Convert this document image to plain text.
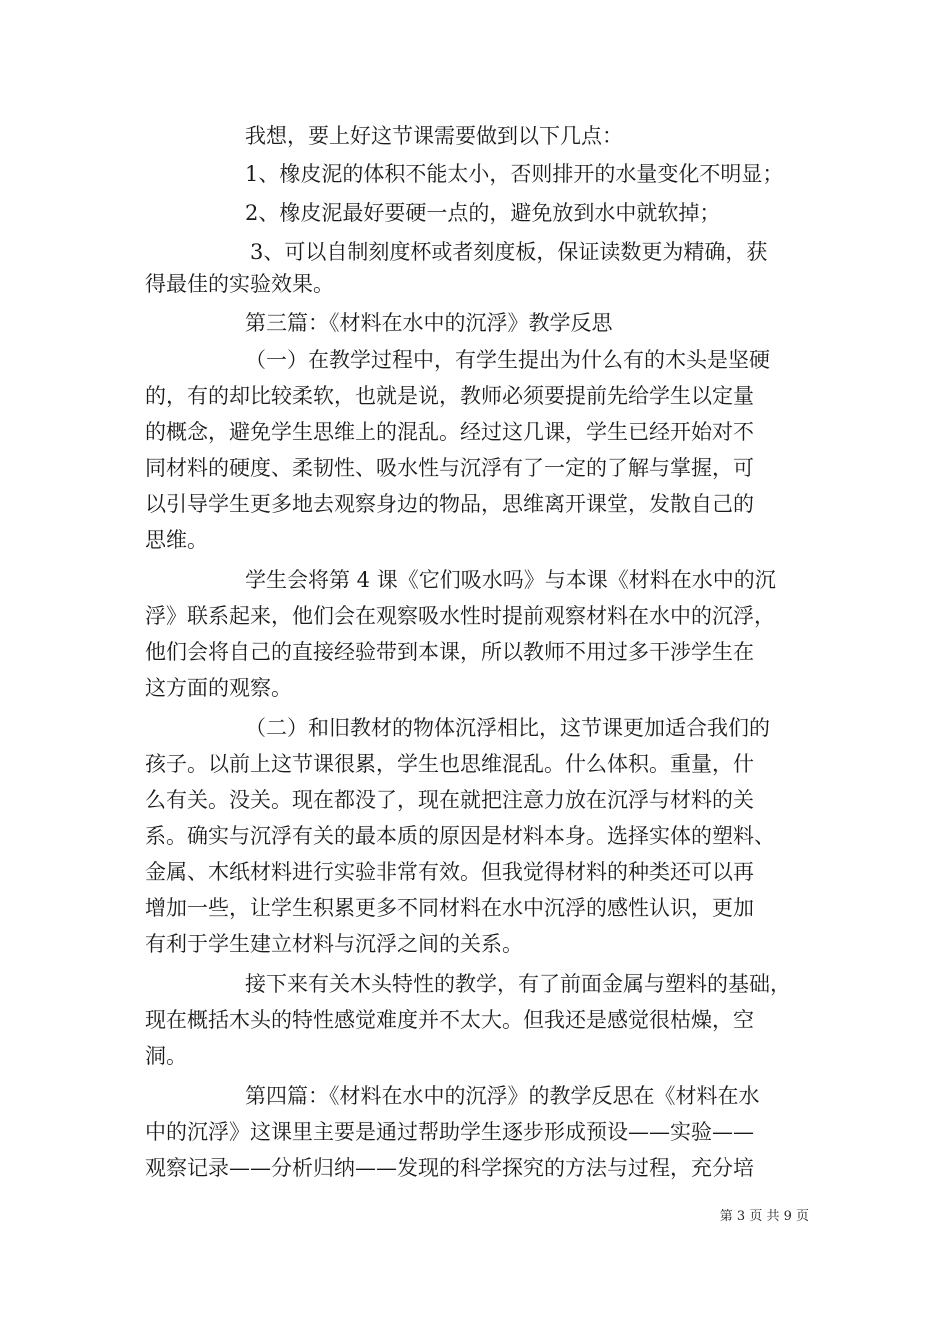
我想，要上好这节课需要做到以下几点：
1、橡皮泥的体积不能太小，否则排开的水量变化不明显；
2、橡皮泥最好要硬一点的，避免放到水中就软掉；
3、可以自制刻度杯或者刻度板，保证读数更为精确，获
得最佳的实验效果。
第三篇：《材料在水中的沉浮》教学反思
（一）在教学过程中，有学生提出为什么有的木头是坚硬
的，有的却比较柔软，也就是说，教师必须要提前先给学生以定量
的概念，避免学生思维上的混乱。经过这几课，学生已经开始对不
同材料的硬度、柔韧性、吸水性与沉浮有了一定的了解与掌握，可
以引导学生更多地去观察身边的物品，思维离开课堂，发散自己的
思维。
学生会将第 4 课《它们吸水吗》与本课《材料在水中的沉
浮》联系起来，他们会在观察吸水性时提前观察材料在水中的沉浮，
他们会将自己的直接经验带到本课，所以教师不用过多干涉学生在
这方面的观察。
（二）和旧教材的物体沉浮相比，这节课更加适合我们的
孩子。以前上这节课很累，学生也思维混乱。什么体积。重量，什
么有关。没关。现在都没了，现在就把注意力放在沉浮与材料的关
系。确实与沉浮有关的最本质的原因是材料本身。选择实体的塑料、
金属、木纸材料进行实验非常有效。但我觉得材料的种类还可以再
增加一些，让学生积累更多不同材料在水中沉浮的感性认识，更加
有利于学生建立材料与沉浮之间的关系。
接下来有关木头特性的教学，有了前面金属与塑料的基础，
现在概括木头的特性感觉难度并不太大。但我还是感觉很枯燥，空
洞。
第四篇：《材料在水中的沉浮》的教学反思在《材料在水
中的沉浮》这课里主要是通过帮助学生逐步形成预设——实验——
观察记录——分析归纳——发现的科学探究的方法与过程，充分培
第 3 页 共 9 页
